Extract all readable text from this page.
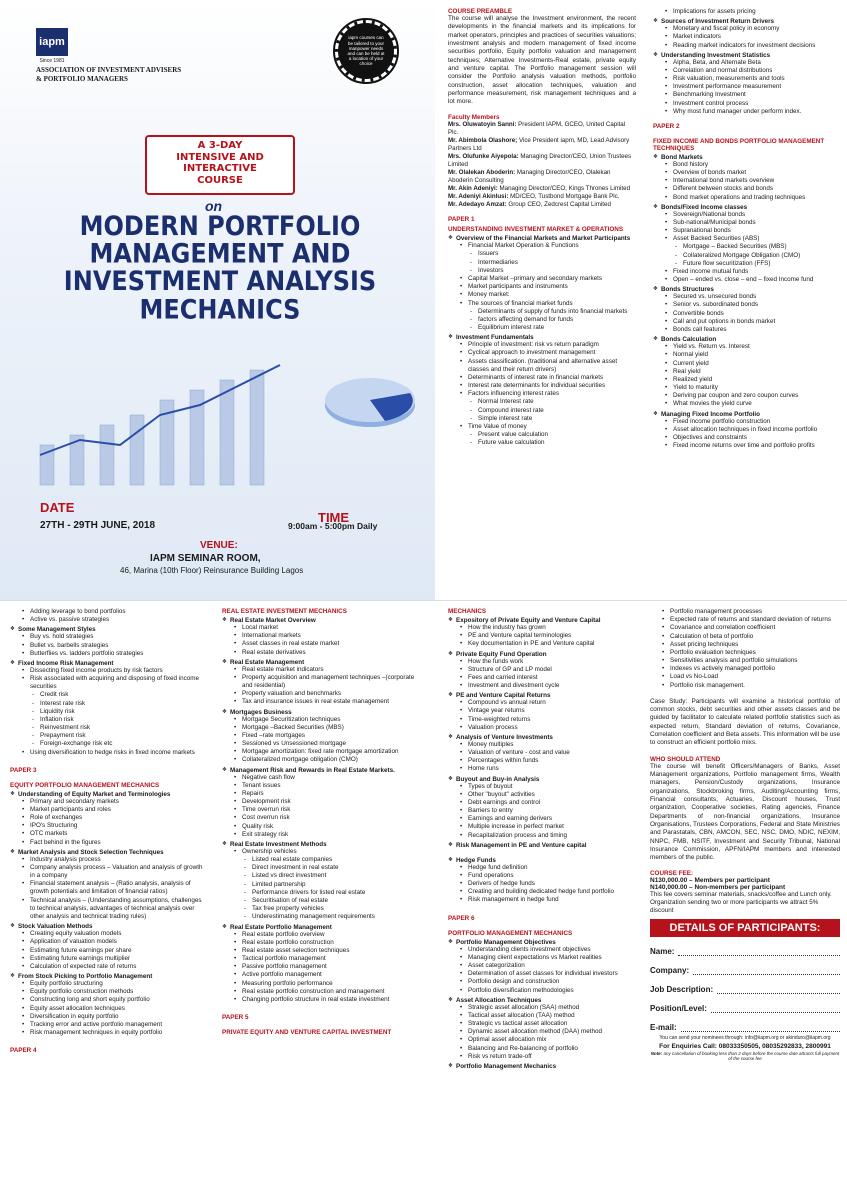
iapm
Since 1981
ASSOCIATION OF INVESTMENT ADVISERS
& PORTFOLIO MANAGERS
iapm courses can be tailored to your manpower needs and can be held at a location of your choice
A 3-DAY
INTENSIVE AND
INTERACTIVE
COURSE
on
MODERN PORTFOLIO
MANAGEMENT AND
INVESTMENT ANALYSIS
MECHANICS
DATE
27TH - 29TH JUNE, 2018
TIME
9:00am - 5:00pm Daily
VENUE:
IAPM SEMINAR ROOM,
46, Marina (10th Floor) Reinsurance Building Lagos
COURSE PREAMBLE
The course will analyse the Investment environment, the recent developments in the financial markets and its implications for market operators, principles and practices of securities valuations; investment analysis and modern management of fixed income securities portfolio, Equity portfolio valuation and management techniques; Alternative Investments-Real estate, private equity and venture capital. The Portfolio management session will consider the Portfolio analysis valuation methods, portfolio construction, asset allocation techniques, valuation and performance measurement, risk management techniques and a lot more.
Faculty Members
Mrs. Oluwatoyin Sanni: President IAPM, GCEO, United Capital Plc.
Mr. Abimbola Olashore; Vice President iapm, MD, Lead Advisory Partners Ltd
Mrs. Olufunke Aiyepola: Managing Director/CEO, Union Trustees Limited
Mr. Olalekan Aboderin: Managing Director/CEO, Olalekan Aboderin Consulting
Mr. Akin Adeniyi: Managing Director/CEO, Kings Thrones Limited
Mr. Adeniyi Akinlusi: MD/CEO, Tustbond Mortgage Bank Plc.
Mr. Adedayo Amzat: Group CEO, Zedcrest Capital Limited
PAPER 1
UNDERSTANDING INVESTMENT MARKET & OPERATIONS
❖ Overview of the Financial Markets and Market Participants
• Financial Market Operation & Functions
- Issuers
- Intermediaries
- Investors
• Capital Market –primary and secondary markets
• Market participants and instruments
• Money market:
• The sources of financial market funds
- Determinants of supply of funds into financial markets
- factors affecting demand for funds
- Equilibrium interest rate
❖ Investment Fundamentals
• Principle of investment: risk vs return paradigm
• Cyclical approach to investment management
• Assets classification. (traditional and alternative asset classes and their return drivers)
• Determinants of interest rate in financial markets
• Interest rate determinants for individual securities
• Factors influencing interest rates
- Normal Interest rate
- Compound interest rate
- Simple interest rate
• Time Value of money
- Present value calculation
- Future value calculation
• Implications for assets pricing
❖ Sources of Investment Return Drivers
• Monetary and fiscal policy in economy
• Market indicators
• Reading market indicators for investment decisions
❖ Understanding Investment Statistics
• Alpha, Beta, and Alternate Beta
• Correlation and normal distributions
• Risk valuation, measurements and tools
• Investment performance measurement
• Benchmarking Investment
• Investment control process
• Why most fund manager under perform index.
PAPER 2
FIXED INCOME AND BONDS PORTFOLIO MANAGEMENT TECHNIQUES
❖ Bond Markets
• Bond history
• Overview of bonds market
• International bond markets overview
• Different between stocks and bonds
• Bond market operations and trading techniques
❖ Bonds/Fixed Income classes
• Sovereign/National bonds
• Sub-national/Municipal bonds
• Supranational bonds
• Asset Backed Securities (ABS)
- Mortgage – Backed Securities (MBS)
- Collateralized Mortgage Obligation (CMO)
- Future flow securitization (FFS)
• Fixed income mutual funds
• Open – ended vs. close – end – fixed Income fund
❖ Bonds Structures
• Secured vs. unsecured bonds
• Senior vs. subordinated bonds
• Convertible bonds
• Call and put options in bonds market
• Bonds call features
❖ Bonds Calculation
• Yield vs. Return vs. Interest
• Normal yield
• Current yield
• Real yield
• Realized yield
• Yield to maturity
• Deriving par coupon and zero coupon curves
• What movies the yield curve
❖ Managing Fixed Income Portfolio
• Fixed income portfolio construction
• Asset allocation techniques in fixed income portfolio
• Objectives and constraints
• Fixed income returns over time and portfolio profits
• Adding leverage to bond portfolios
• Active vs. passive strategies
❖ Some Management Styles
• Buy vs. hold strategies
• Bullet vs. barbells strategies
• Butterflies vs. ladders portfolio strategies
❖ Fixed Income Risk Management
• Dissecting fixed income products by risk factors
• Risk associated with acquiring and disposing of fixed income securities
- Credit risk
- Interest rate risk
- Liquidity risk
- Inflation risk
- Reinvestment risk
- Prepayment risk
- Foreign-exchange risk etc
• Using diversification to hedge risks in fixed income markets
PAPER 3
EQUITY PORTFOLIO MANAGEMENT MECHANICS
❖ Understanding of Equity Market and Terminologies
• Primary and secondary markets
• Market participants and roles
• Role of exchanges
• IPO's Structuring
• OTC markets
• Fact behind in the figures
❖ Market Analysis and Stock Selection Techniques
• Industry analysis process
• Company analysis process – Valuation and analysis of growth in a company
• Financial statement analysis – (Ratio analysis, analysis of growth potentials and limitation of financial ratios)
• Technical analysis – (Understanding assumptions, challenges to technical analysis, advantages of technical analysis over other analysis and technical trading rules)
❖ Stock Valuation Methods
• Creating equity valuation models
• Application of valuation models
• Estimating future earnings per share
• Estimating future earnings multiplier
• Calculation of expected rate of returns
❖ From Stock Picking to Portfolio Management
• Equity portfolio structuring
• Equity portfolio construction methods
• Constructing long and short equity portfolio
• Equity asset allocation techniques
• Diversification in equity portfolio
• Tracking error and active portfolio management
• Risk management techniques in equity portfolio
PAPER 4
REAL ESTATE INVESTMENT MECHANICS
❖ Real Estate Market Overview
• Local market
• International markets
• Asset classes in real estate market
• Real estate derivatives
❖ Real Estate Management
• Real estate market indicators
• Property acquisition and management techniques –(corporate and residential)
• Property valuation and benchmarks
• Tax and insurance issues in real estate management
❖ Mortgages Business
• Mortgage Securitization techniques
• Mortgage –Backed Securities (MBS)
• Fixed –rate mortgages
• Sessioned vs Unsessioned mortgage
• Mortgage amortization: fixed rate mortgage amortization
• Collateralized mortgage obligation (CMO)
❖ Management Risk and Rewards in Real Estate Markets.
• Negative cash flow
• Tenant issues
• Repairs
• Development risk
• Time overrun risk
• Cost overrun risk
• Quality risk
• Exit strategy risk
❖ Real Estate Investment Methods
• Ownership vehicles
- Listed real estate companies
- Direct investment in real estate
- Listed vs direct investment
- Limited partnership
- Performance drivers for listed real estate
- Securitisation of real estate
- Tax free property vehicles
- Underestimating management requirements
❖ Real Estate Portfolio Management
• Real estate portfolio overview
• Real estate portfolio construction
• Real estate asset selection techniques
• Tactical portfolio management
• Passive portfolio management
• Active portfolio management
• Measuring portfolio performance
• Real estate portfolio construction and management
• Changing portfolio structure in real estate investment
PAPER 5
PRIVATE EQUITY AND VENTURE CAPITAL INVESTMENT
MECHANICS
❖ Expository of Private Equity and Venture Capital
• How the industry has grown
• PE and Venture capital terminologies
• Key documentation in PE and Venture capital
❖ Private Equity Fund Operation
• How the funds work
• Structure of GP and LP model
• Fees and carried interest
• Investment and divestment cycle
❖ PE and Venture Capital Returns
• Compound vs annual return
• Vintage year returns
• Time-weighted returns
• Valuation process
❖ Analysis of Venture Investments
• Money multiples
• Valuation of venture - cost and value
• Percentages within funds
• Home runs
❖ Buyout and Buy-in Analysis
• Types of buyout
• Other "buyout" activities
• Debt earnings and control
• Barriers to entry
• Earnings and earning derivers
• Multiple increase in perfect market
• Recapitalization process and timing
❖ Risk Management in PE and Venture capital
❖ Hedge Funds
• Hedge fund definition
• Fund operations
• Derivers of hedge funds
• Creating and building dedicated hedge fund portfolio
• Risk management in hedge fund
PAPER 6
PORTFOLIO MANAGEMENT MECHANICS
❖ Portfolio Management Objectives
• Understanding clients investment objectives
• Managing client expectations vs Market realities
• Asset categorization
• Determination of asset classes for individual investors
• Portfolio design and construction
• Portfolio diversification methodologies
❖ Asset Allocation Techniques
• Strategic asset allocation (SAA) method
• Tactical asset allocation (TAA) method
• Strategic vs tactical asset allocation
• Dynamic asset allocation method (DAA) method
• Optimal asset allocation mix
• Balancing and Re-balancing of portfolio
• Risk vs return trade-off
❖ Portfolio Management Mechanics
• Portfolio management processes
• Expected rate of returns and standard deviation of returns
• Covariance and correlation coefficient
• Calculation of beta of portfolio
• Asset pricing techniques
• Portfolio evaluation techniques
• Sensitivities analysis and portfolio simulations
• Indexes vs actively managed portfolio
• Load vs No-Load
• Portfolio risk management.
Case Study: Participants will examine a historical portfolio of common stocks, debt securities and other assets classes and be guided by facilitator to calculate related portfolio statistics such as expected return, Standard deviation of returns, Covariance, Correlation coefficient and Beta assets. This information will be use to construct an efficient portfolio mixs.
WHO SHOULD ATTEND
The course will benefit Officers/Managers of Banks, Asset Management organizations, Portfolio management firms, Wealth managers, Pension/Custody organizations, Insurance organizations, Stockbroking firms, Auditing/Accounting firms, Financial consultants, Actuaries, Discount houses, Trust organization, Cooperative societies, Rating agencies, Finance Departments of non-financial organizations, Insurance Organisations, Trustees Corporations, Federal and State Ministries and Parastatals, CBN, AMCON, SEC, NSC, DMO, NDIC, NEXIM, NNPC, FMB, NSITF, Investment and Security Tribunal, National Insurance Commission, APFN/IAPM members and interested members of the public.
COURSE FEE:
N130,000.00 – Members per participant
N140,000.00 – Non-members per participant
This fee covers seminar materials, snacks/coffee and Lunch only. Organization sending two or more participants we attract 5% discount
DETAILS OF PARTICIPANTS:
Name:
Company:
Job Description:
Position/Level:
E-mail:
You can send your nominees through: info@iiapm.org or akinduro@iiapm.org
For Enquiries Call: 08033350505, 08035292833, 2800991
Note: any cancellation of booking less than 2 days before the course date attracts full payment of the course fee
